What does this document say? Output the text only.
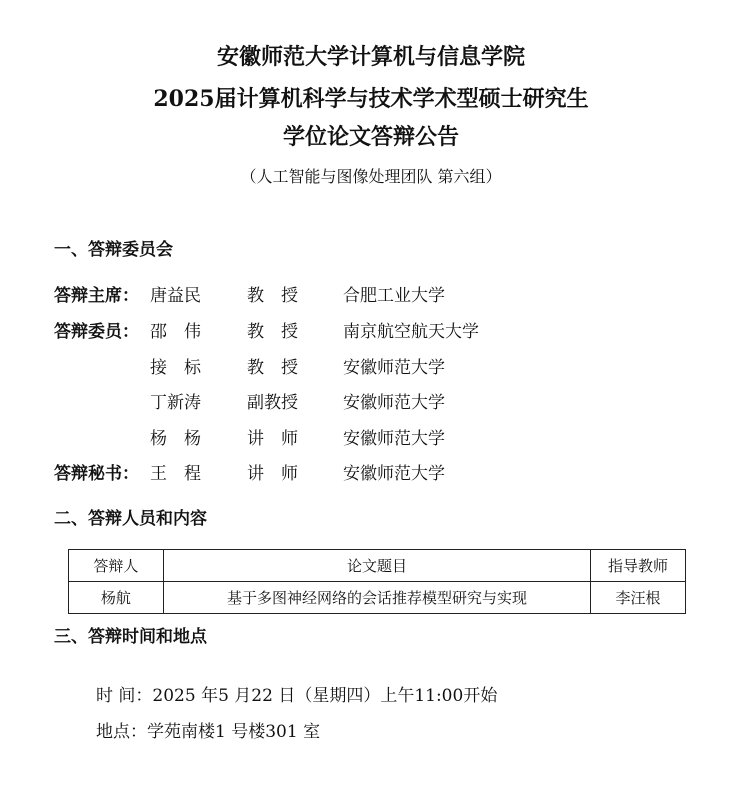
安徽师范大学计算机与信息学院
2025届计算机科学与技术学术型硕士研究生
学位论文答辩公告
（人工智能与图像处理团队 第六组）
一、答辩委员会
答辩主席： 唐益民	教　授	合肥工业大学
答辩委员： 邵　伟	教　授	南京航空航天大学
接　标	教　授	安徽师范大学
丁新涛	副教授	安徽师范大学
杨　杨	讲　师	安徽师范大学
答辩秘书： 王　程	讲　师	安徽师范大学
二、答辩人员和内容
答辩人	论文题目	指导教师
杨航	基于多图神经网络的会话推荐模型研究与实现	李汪根
三、答辩时间和地点
时 间：2025 年5 月22 日（星期四）上午11:00开始
地点：学苑南楼1 号楼301 室
